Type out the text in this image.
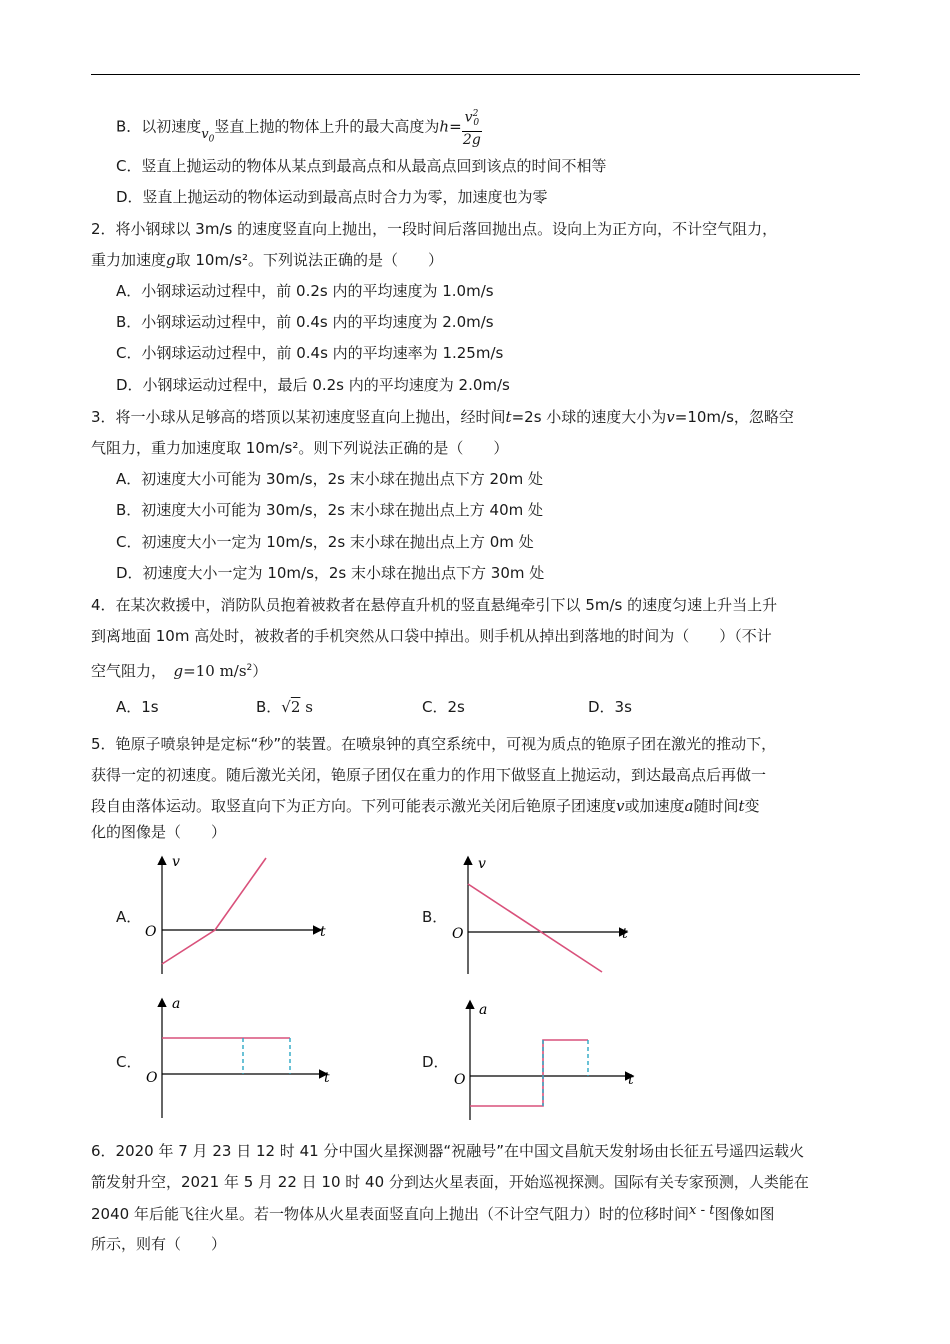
B．以初速度$v_0$竖直上抛的物体上升的最大高度为$h= \frac{v^2_0}{2g}$
C．竖直上抛运动的物体从某点到最高点和从最高点回到该点的时间不相等
D．竖直上抛运动的物体运动到最高点时合力为零，加速度也为零
2．将小钢球以 3m/s 的速度竖直向上抛出，一段时间后落回抛出点。设向上为正方向，不计空气阻力，
重力加速度g取 10m/s²。下列说法正确的是（　　）
A．小钢球运动过程中，前 0.2s 内的平均速度为 1.0m/s
B．小钢球运动过程中，前 0.4s 内的平均速度为 2.0m/s
C．小钢球运动过程中，前 0.4s 内的平均速率为 1.25m/s
D．小钢球运动过程中，最后 0.2s 内的平均速度为 2.0m/s
3．将一小球从足够高的塔顶以某初速度竖直向上抛出，经时间t=2s 小球的速度大小为v=10m/s，忽略空
气阻力，重力加速度取 10m/s²。则下列说法正确的是（　　）
A．初速度大小可能为 30m/s，2s 末小球在抛出点下方 20m 处
B．初速度大小可能为 30m/s，2s 末小球在抛出点上方 40m 处
C．初速度大小一定为 10m/s，2s 末小球在抛出点上方 0m 处
D．初速度大小一定为 10m/s，2s 末小球在抛出点下方 30m 处
4．在某次救援中，消防队员抱着被救者在悬停直升机的竖直悬绳牵引下以 5m/s 的速度匀速上升当上升
到离地面 10m 高处时，被救者的手机突然从口袋中掉出。则手机从掉出到落地的时间为（　　）（不计
空气阻力，　 g=10 $m/s^2$）
A．1s	B．√2 s	C．2s	D．3s
5．铯原子喷泉钟是定标“秒”的装置。在喷泉钟的真空系统中，可视为质点的铯原子团在激光的推动下，
获得一定的初速度。随后激光关闭，铯原子团仅在重力的作用下做竖直上抛运动，到达最高点后再做一
段自由落体运动。取竖直向下为正方向。下列可能表示激光关闭后铯原子团速度v或加速度a随时间t变
化的图像是（　　）
A．	B．
C．	D．
v
t
O
v
t
O
a
t
O
a
t
O
6．2020 年 7 月 23 日 12 时 41 分中国火星探测器“祝融号”在中国文昌航天发射场由长征五号遥四运载火
箭发射升空，2021 年 5 月 22 日 10 时 40 分到达火星表面，开始巡视探测。国际有关专家预测，人类能在
2040 年后能飞往火星。若一物体从火星表面竖直向上抛出（不计空气阻力）时的位移时间x - t图像如图
所示，则有（　　）
